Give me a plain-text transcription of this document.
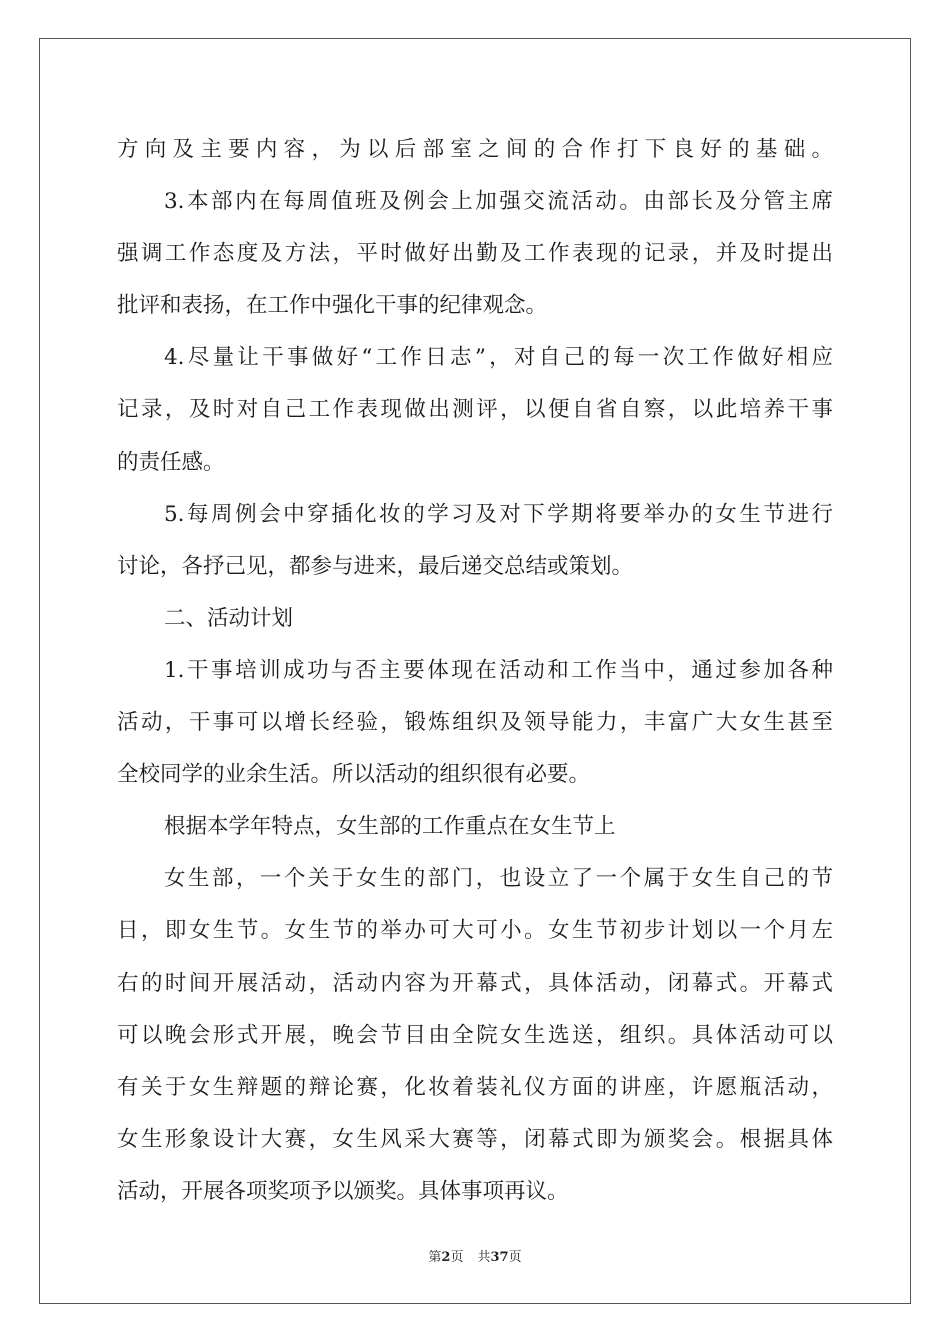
方向及主要内容，为以后部室之间的合作打下良好的基础。
3.本部内在每周值班及例会上加强交流活动。由部长及分管主席
强调工作态度及方法，平时做好出勤及工作表现的记录，并及时提出
批评和表扬，在工作中强化干事的纪律观念。
4.尽量让干事做好“工作日志”，对自己的每一次工作做好相应
记录，及时对自己工作表现做出测评，以便自省自察，以此培养干事
的责任感。
5.每周例会中穿插化妆的学习及对下学期将要举办的女生节进行
讨论，各抒己见，都参与进来，最后递交总结或策划。
二、活动计划
1.干事培训成功与否主要体现在活动和工作当中，通过参加各种
活动，干事可以增长经验，锻炼组织及领导能力，丰富广大女生甚至
全校同学的业余生活。所以活动的组织很有必要。
根据本学年特点，女生部的工作重点在女生节上
女生部，一个关于女生的部门，也设立了一个属于女生自己的节
日，即女生节。女生节的举办可大可小。女生节初步计划以一个月左
右的时间开展活动，活动内容为开幕式，具体活动，闭幕式。开幕式
可以晚会形式开展，晚会节目由全院女生选送，组织。具体活动可以
有关于女生辩题的辩论赛，化妆着装礼仪方面的讲座，许愿瓶活动，
女生形象设计大赛，女生风采大赛等，闭幕式即为颁奖会。根据具体
活动，开展各项奖项予以颁奖。具体事项再议。
第2页 共37页
